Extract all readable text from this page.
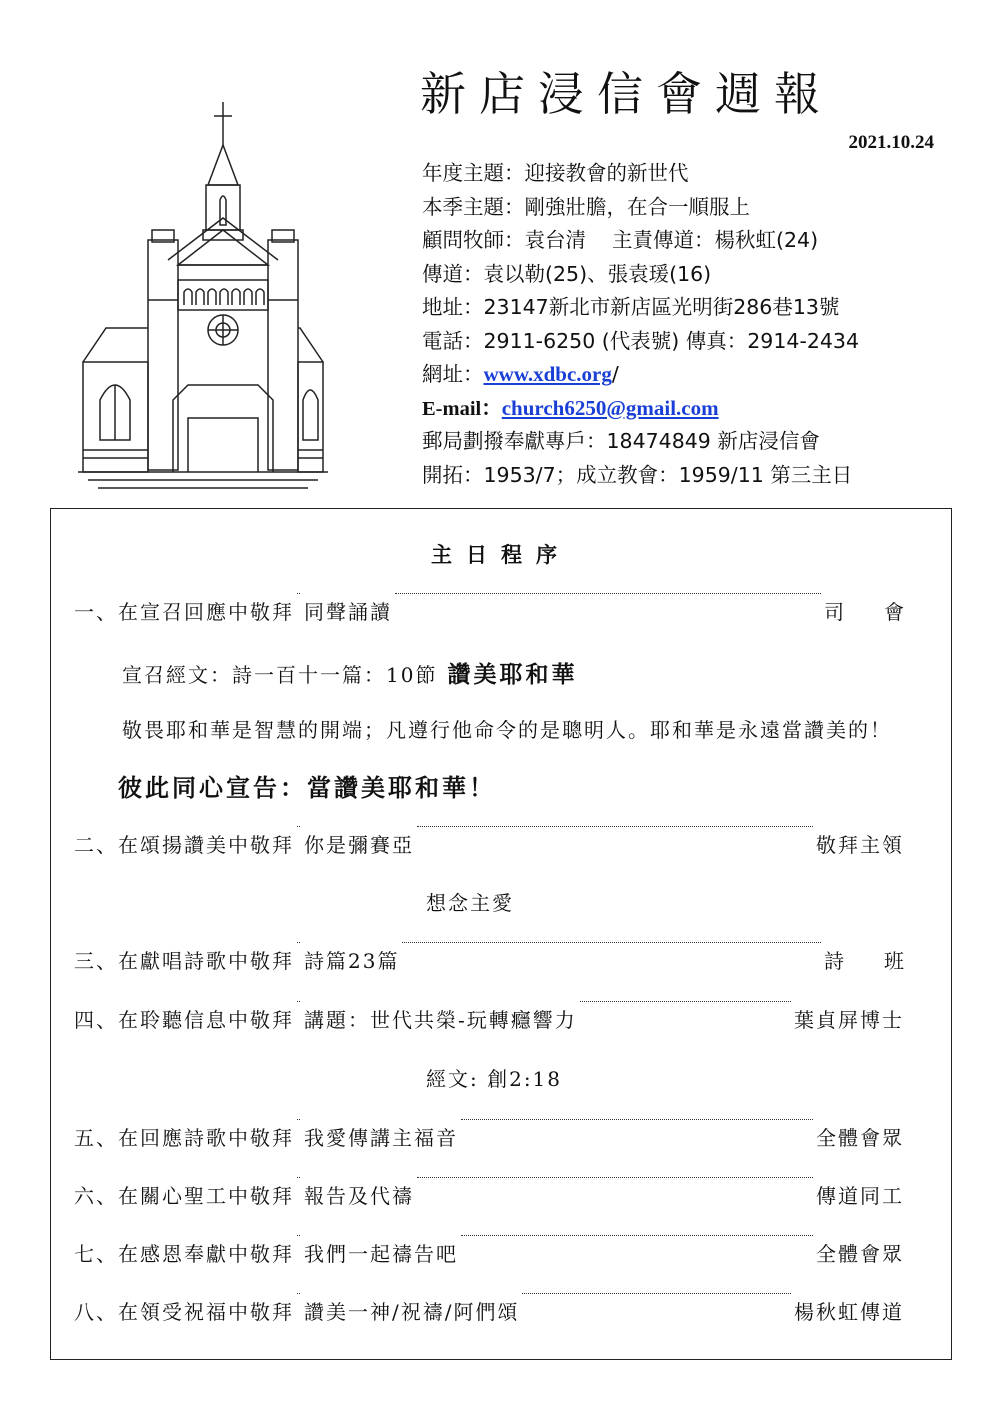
新店浸信會週報
2021.10.24
年度主題：迎接教會的新世代
本季主題：剛強壯膽，在合一順服上
顧問牧師：袁台清 主責傳道：楊秋虹(24)
傳道：袁以勒(25)、張袁瑗(16)
地址：23147新北市新店區光明街286巷13號
電話：2911-6250 (代表號) 傳真：2914-2434
網址：www.xdbc.org/
E-mail：church6250@gmail.com
郵局劃撥奉獻專戶：18474849 新店浸信會
開拓：1953/7；成立教會：1959/11 第三主日
主日程序
一、在宣召回應中敬拜 同聲誦讀	司會
宣召經文：詩一百十一篇：10節 讚美耶和華
敬畏耶和華是智慧的開端；凡遵行他命令的是聰明人。耶和華是永遠當讚美的！
彼此同心宣告：當讚美耶和華！
二、在頌揚讚美中敬拜 你是彌賽亞	敬拜主領
想念主愛
三、在獻唱詩歌中敬拜 詩篇23篇	詩班
四、在聆聽信息中敬拜 講題：世代共榮-玩轉癮響力	葉貞屏博士
經文: 創2:18
五、在回應詩歌中敬拜 我愛傳講主福音	全體會眾
六、在關心聖工中敬拜 報告及代禱	傳道同工
七、在感恩奉獻中敬拜 我們一起禱告吧	全體會眾
八、在領受祝福中敬拜 讚美一神/祝禱/阿們頌	楊秋虹傳道
